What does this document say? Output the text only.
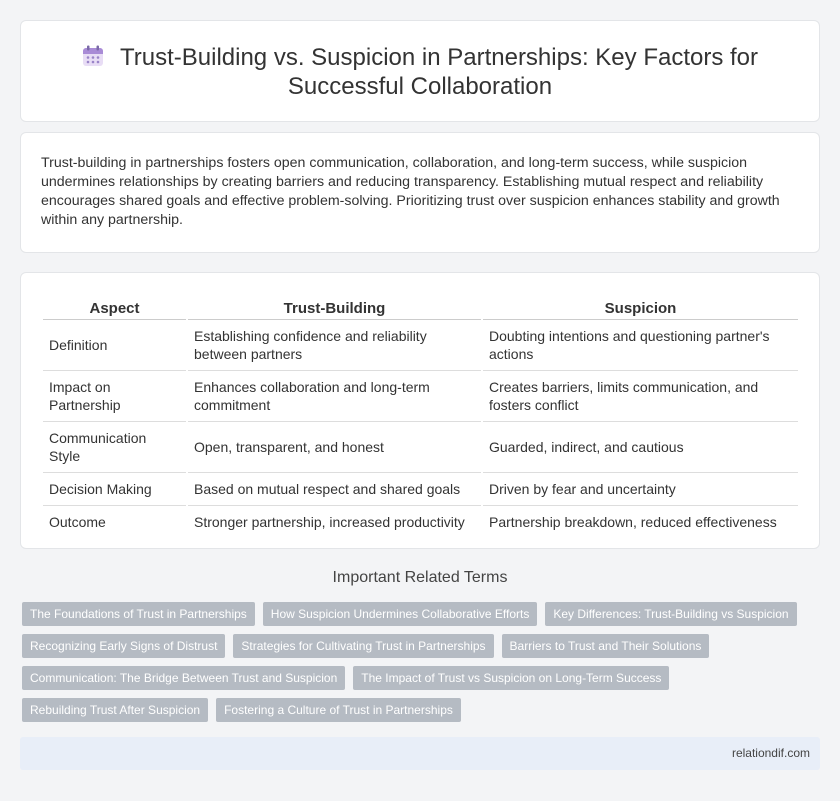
Trust-Building vs. Suspicion in Partnerships: Key Factors for Successful Collaboration

Trust-building in partnerships fosters open communication, collaboration, and long-term success, while suspicion undermines relationships by creating barriers and reducing transparency. Establishing mutual respect and reliability encourages shared goals and effective problem-solving. Prioritizing trust over suspicion enhances stability and growth within any partnership.

Aspect	Trust-Building	Suspicion
Definition	Establishing confidence and reliability between partners	Doubting intentions and questioning partner's actions
Impact on Partnership	Enhances collaboration and long-term commitment	Creates barriers, limits communication, and fosters conflict
Communication Style	Open, transparent, and honest	Guarded, indirect, and cautious
Decision Making	Based on mutual respect and shared goals	Driven by fear and uncertainty
Outcome	Stronger partnership, increased productivity	Partnership breakdown, reduced effectiveness
Important Related Terms
The Foundations of Trust in Partnerships	How Suspicion Undermines Collaborative Efforts	Key Differences: Trust-Building vs Suspicion
Recognizing Early Signs of Distrust	Strategies for Cultivating Trust in Partnerships	Barriers to Trust and Their Solutions
Communication: The Bridge Between Trust and Suspicion	The Impact of Trust vs Suspicion on Long-Term Success
Rebuilding Trust After Suspicion	Fostering a Culture of Trust in Partnerships
relationdif.com
